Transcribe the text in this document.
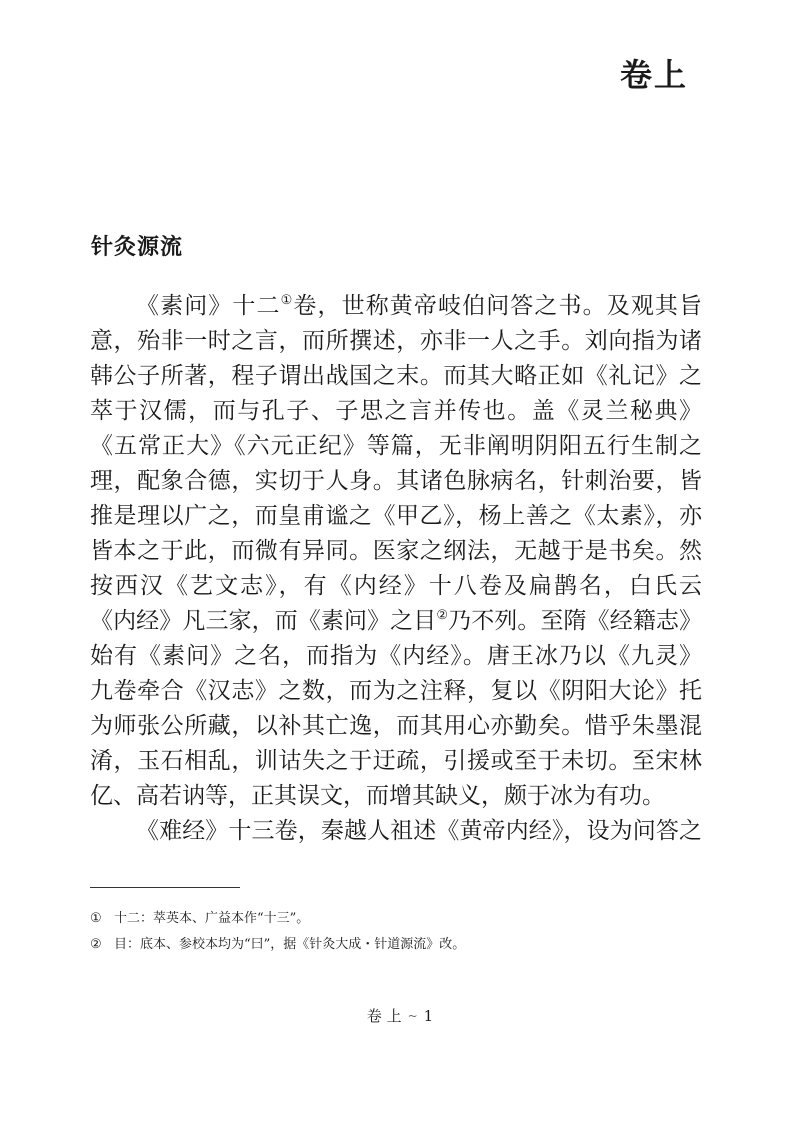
卷上
针灸源流
《素问》十二①卷，世称黄帝岐伯问答之书。及观其旨
意，殆非一时之言，而所撰述，亦非一人之手。刘向指为诸
韩公子所著，程子谓出战国之末。而其大略正如《礼记》之
萃于汉儒，而与孔子、子思之言并传也。盖《灵兰秘典》
《五常正大》《六元正纪》等篇，无非阐明阴阳五行生制之
理，配象合德，实切于人身。其诸色脉病名，针刺治要，皆
推是理以广之，而皇甫谧之《甲乙》，杨上善之《太素》，亦
皆本之于此，而微有异同。医家之纲法，无越于是书矣。然
按西汉《艺文志》，有《内经》十八卷及扁鹊名，白氏云
《内经》凡三家，而《素问》之目②乃不列。至隋《经籍志》
始有《素问》之名，而指为《内经》。唐王冰乃以《九灵》
九卷牵合《汉志》之数，而为之注释，复以《阴阳大论》托
为师张公所藏，以补其亡逸，而其用心亦勤矣。惜乎朱墨混
淆，玉石相乱，训诂失之于迂疏，引援或至于未切。至宋林
亿、高若讷等，正其误文，而增其缺义，颇于冰为有功。
《难经》十三卷，秦越人祖述《黄帝内经》，设为问答之
① 十二：萃英本、广益本作“十三”。
② 目：底本、参校本均为“曰”，据《针灸大成・针道源流》改。
卷 上 ~ 1
